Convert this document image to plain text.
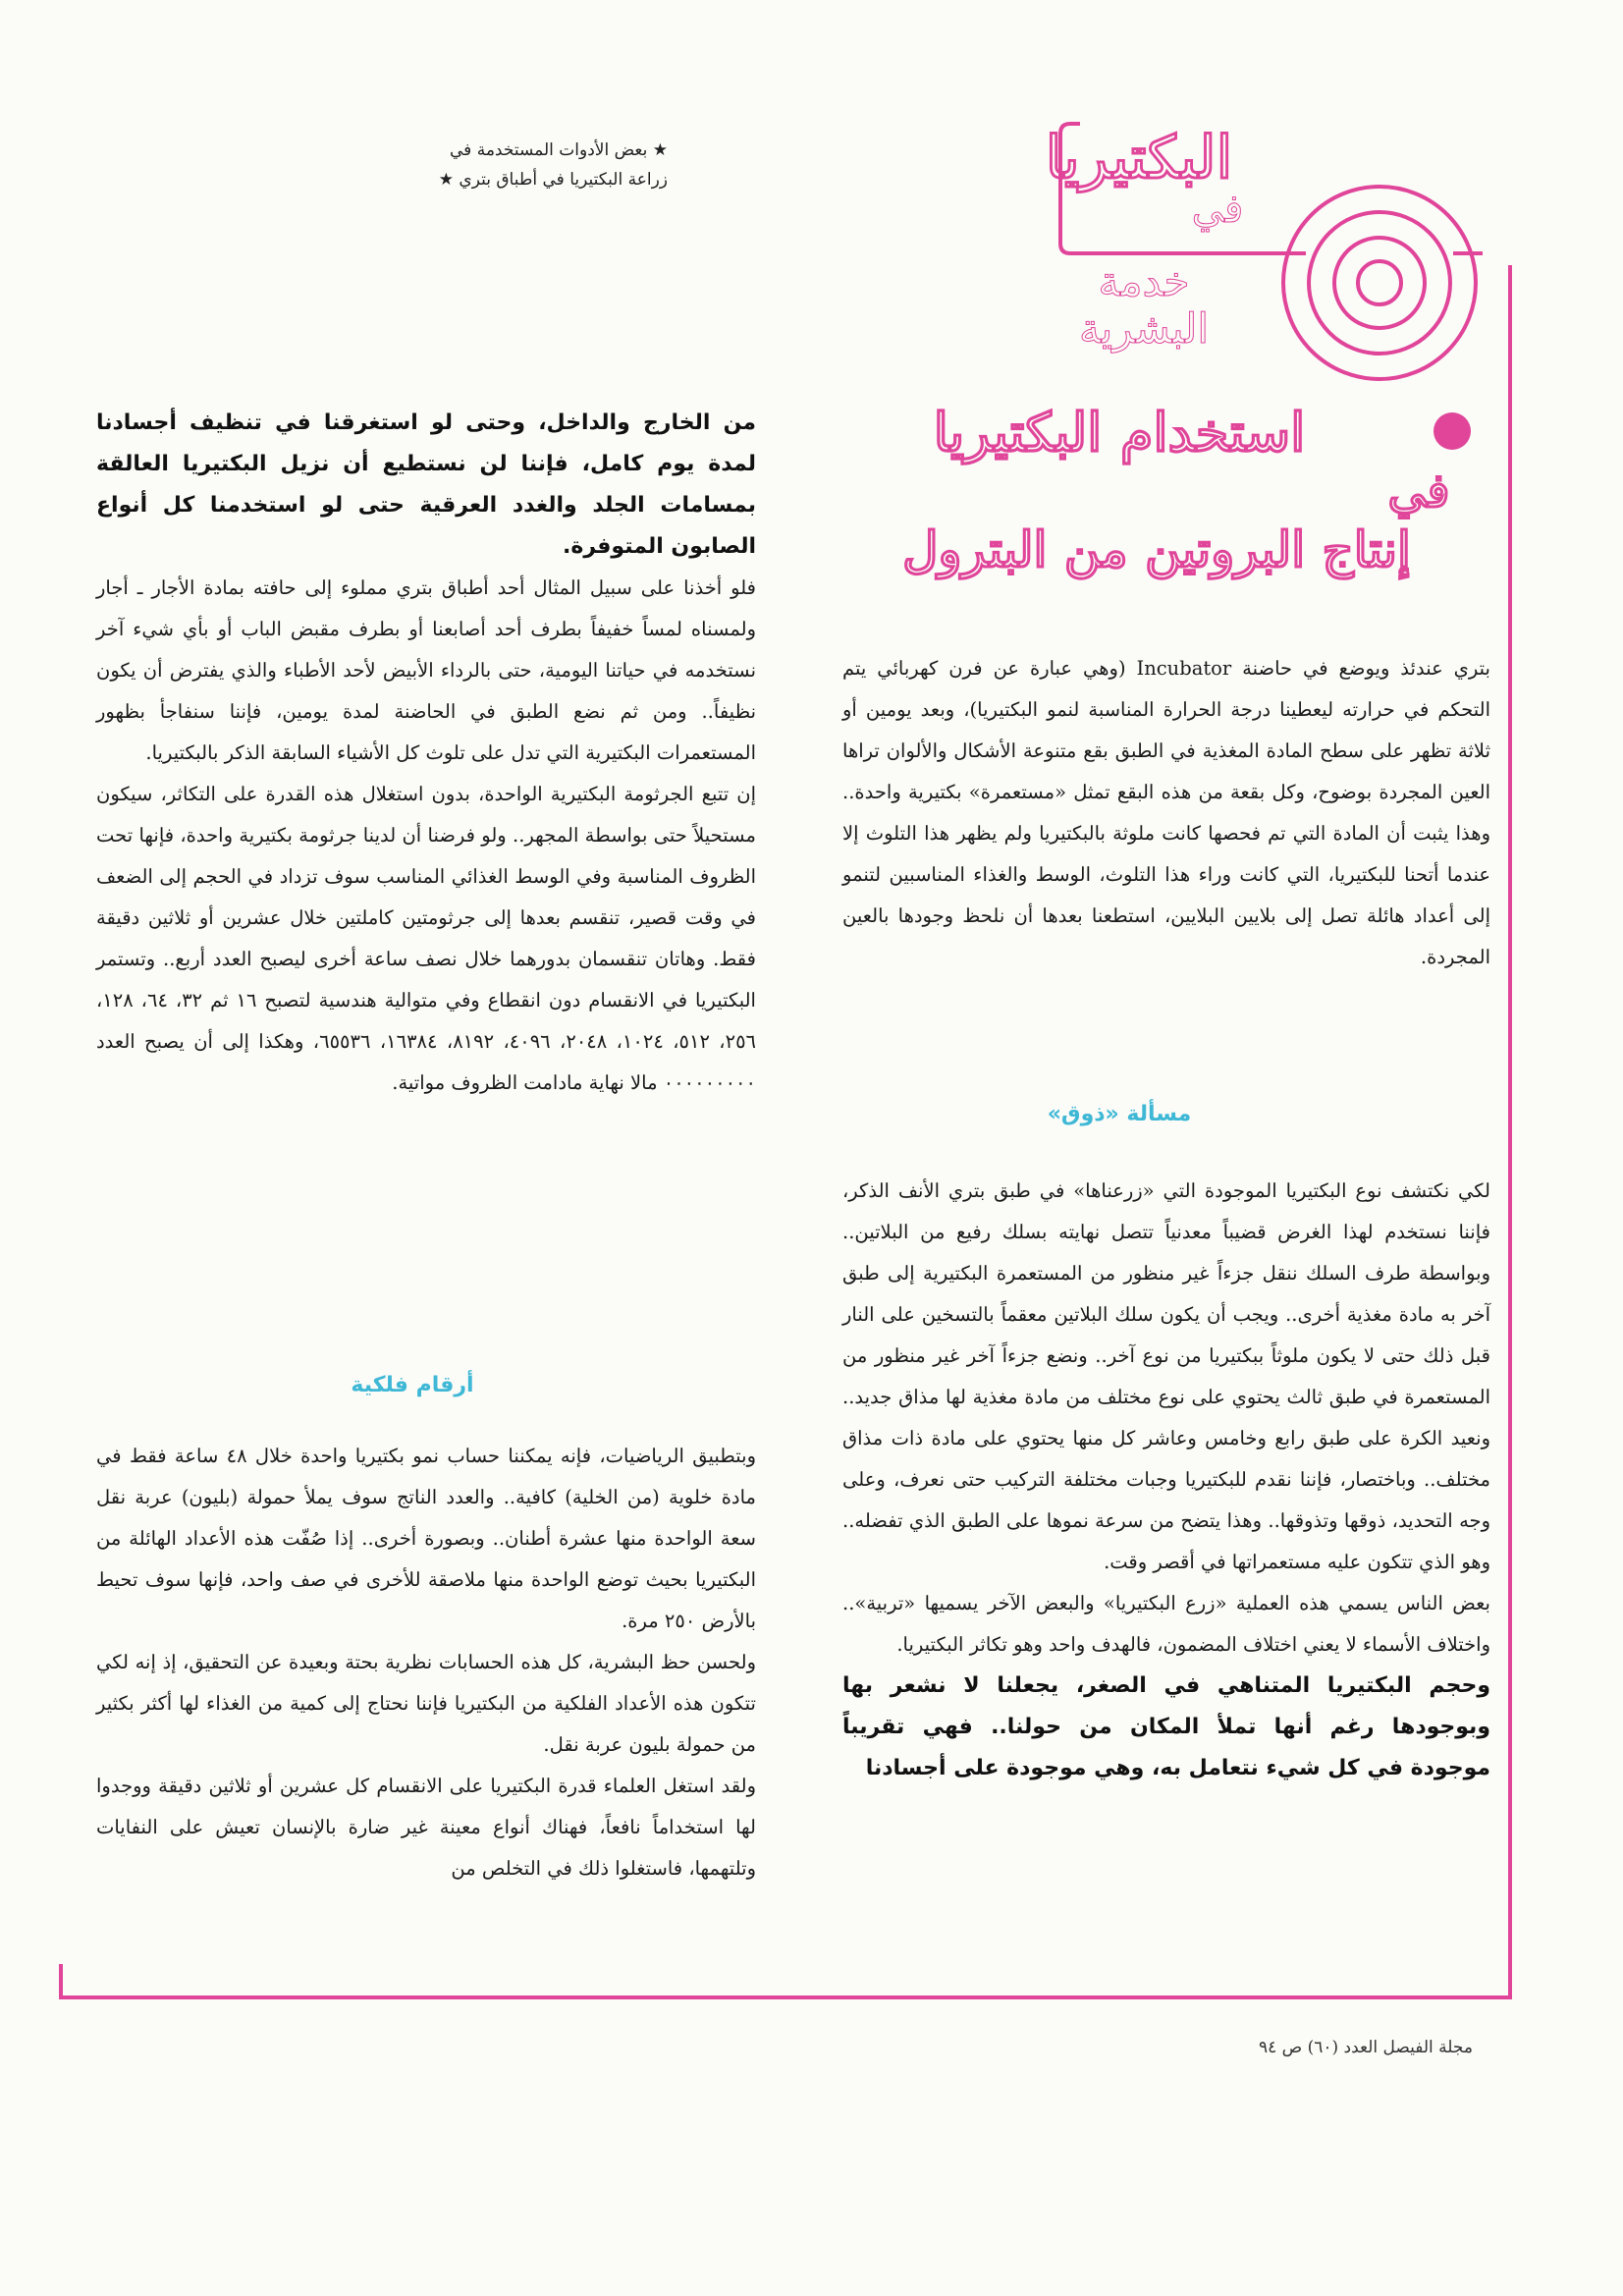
★ بعض الأدوات المستخدمة في
زراعة البكتيريا في أطباق بتري ★	البكتيريا
في
خدمة
البشرية
استخدام البكتيريا
في
إنتاج البروتين من البترول

بتري عندئذ ويوضع في حاضنة Incubator (وهي عبارة عن فرن كهربائي يتم التحكم في حرارته ليعطينا درجة الحرارة المناسبة لنمو البكتيريا)، وبعد يومين أو ثلاثة تظهر على سطح المادة المغذية في الطبق بقع متنوعة الأشكال والألوان تراها العين المجردة بوضوح، وكل بقعة من هذه البقع تمثل «مستعمرة» بكتيرية واحدة.. وهذا يثبت أن المادة التي تم فحصها كانت ملوثة بالبكتيريا ولم يظهر هذا التلوث إلا عندما أتحنا للبكتيريا، التي كانت وراء هذا التلوث، الوسط والغذاء المناسبين لتنمو إلى أعداد هائلة تصل إلى بلايين البلايين، استطعنا بعدها أن نلحظ وجودها بالعين المجردة.

مسألة «ذوق»

لكي نكتشف نوع البكتيريا الموجودة التي «زرعناها» في طبق بتري الأنف الذكر، فإننا نستخدم لهذا الغرض قضيباً معدنياً تتصل نهايته بسلك رفيع من البلاتين.. وبواسطة طرف السلك ننقل جزءاً غير منظور من المستعمرة البكتيرية إلى طبق آخر به مادة مغذية أخرى.. ويجب أن يكون سلك البلاتين معقماً بالتسخين على النار قبل ذلك حتى لا يكون ملوثاً ببكتيريا من نوع آخر.. ونضع جزءاً آخر غير منظور من المستعمرة في طبق ثالث يحتوي على نوع مختلف من مادة مغذية لها مذاق جديد.. ونعيد الكرة على طبق رابع وخامس وعاشر كل منها يحتوي على مادة ذات مذاق مختلف.. وباختصار، فإننا نقدم للبكتيريا وجبات مختلفة التركيب حتى نعرف، وعلى وجه التحديد، ذوقها وتذوقها.. وهذا يتضح من سرعة نموها على الطبق الذي تفضله.. وهو الذي تتكون عليه مستعمراتها في أقصر وقت.

بعض الناس يسمي هذه العملية «زرع البكتيريا» والبعض الآخر يسميها «تربية».. واختلاف الأسماء لا يعني اختلاف المضمون، فالهدف واحد وهو تكاثر البكتيريا.

وحجم البكتيريا المتناهي في الصغر، يجعلنا لا نشعر بها وبوجودها رغم أنها تملأ المكان من حولنا.. فهي تقريباً موجودة في كل شيء نتعامل به، وهي موجودة على أجسادنا

من الخارج والداخل، وحتى لو استغرقنا في تنظيف أجسادنا لمدة يوم كامل، فإننا لن نستطيع أن نزيل البكتيريا العالقة بمسامات الجلد والغدد العرقية حتى لو استخدمنا كل أنواع الصابون المتوفرة.

فلو أخذنا على سبيل المثال أحد أطباق بتري مملوء إلى حافته بمادة الأجار ـ أجار ولمسناه لمساً خفيفاً بطرف أحد أصابعنا أو بطرف مقبض الباب أو بأي شيء آخر نستخدمه في حياتنا اليومية، حتى بالرداء الأبيض لأحد الأطباء والذي يفترض أن يكون نظيفاً.. ومن ثم نضع الطبق في الحاضنة لمدة يومين، فإننا سنفاجأ بظهور المستعمرات البكتيرية التي تدل على تلوث كل الأشياء السابقة الذكر بالبكتيريا.

إن تتبع الجرثومة البكتيرية الواحدة، بدون استغلال هذه القدرة على التكاثر، سيكون مستحيلاً حتى بواسطة المجهر.. ولو فرضنا أن لدينا جرثومة بكتيرية واحدة، فإنها تحت الظروف المناسبة وفي الوسط الغذائي المناسب سوف تزداد في الحجم إلى الضعف في وقت قصير، تنقسم بعدها إلى جرثومتين كاملتين خلال عشرين أو ثلاثين دقيقة فقط. وهاتان تنقسمان بدورهما خلال نصف ساعة أخرى ليصبح العدد أربع.. وتستمر البكتيريا في الانقسام دون انقطاع وفي متوالية هندسية لتصبح ١٦ ثم ٣٢، ٦٤، ١٢٨، ٢٥٦، ٥١٢، ١٠٢٤، ٢٠٤٨، ٤٠٩٦، ٨١٩٢، ١٦٣٨٤، ٦٥٥٣٦، وهكذا إلى أن يصبح العدد ٠٠٠٠٠٠٠٠٠ مالا نهاية مادامت الظروف مواتية.

أرقام فلكية

وبتطبيق الرياضيات، فإنه يمكننا حساب نمو بكتيريا واحدة خلال ٤٨ ساعة فقط في مادة خلوية (من الخلية) كافية.. والعدد الناتج سوف يملأ حمولة (بليون) عربة نقل سعة الواحدة منها عشرة أطنان.. وبصورة أخرى.. إذا صُفّت هذه الأعداد الهائلة من البكتيريا بحيث توضع الواحدة منها ملاصقة للأخرى في صف واحد، فإنها سوف تحيط بالأرض ٢٥٠ مرة.

ولحسن حظ البشرية، كل هذه الحسابات نظرية بحتة وبعيدة عن التحقيق، إذ إنه لكي تتكون هذه الأعداد الفلكية من البكتيريا فإننا نحتاج إلى كمية من الغذاء لها أكثر بكثير من حمولة بليون عربة نقل.

ولقد استغل العلماء قدرة البكتيريا على الانقسام كل عشرين أو ثلاثين دقيقة ووجدوا لها استخداماً نافعاً، فهناك أنواع معينة غير ضارة بالإنسان تعيش على النفايات وتلتهمها، فاستغلوا ذلك في التخلص من

مجلة الفيصل العدد (٦٠) ص ٩٤
